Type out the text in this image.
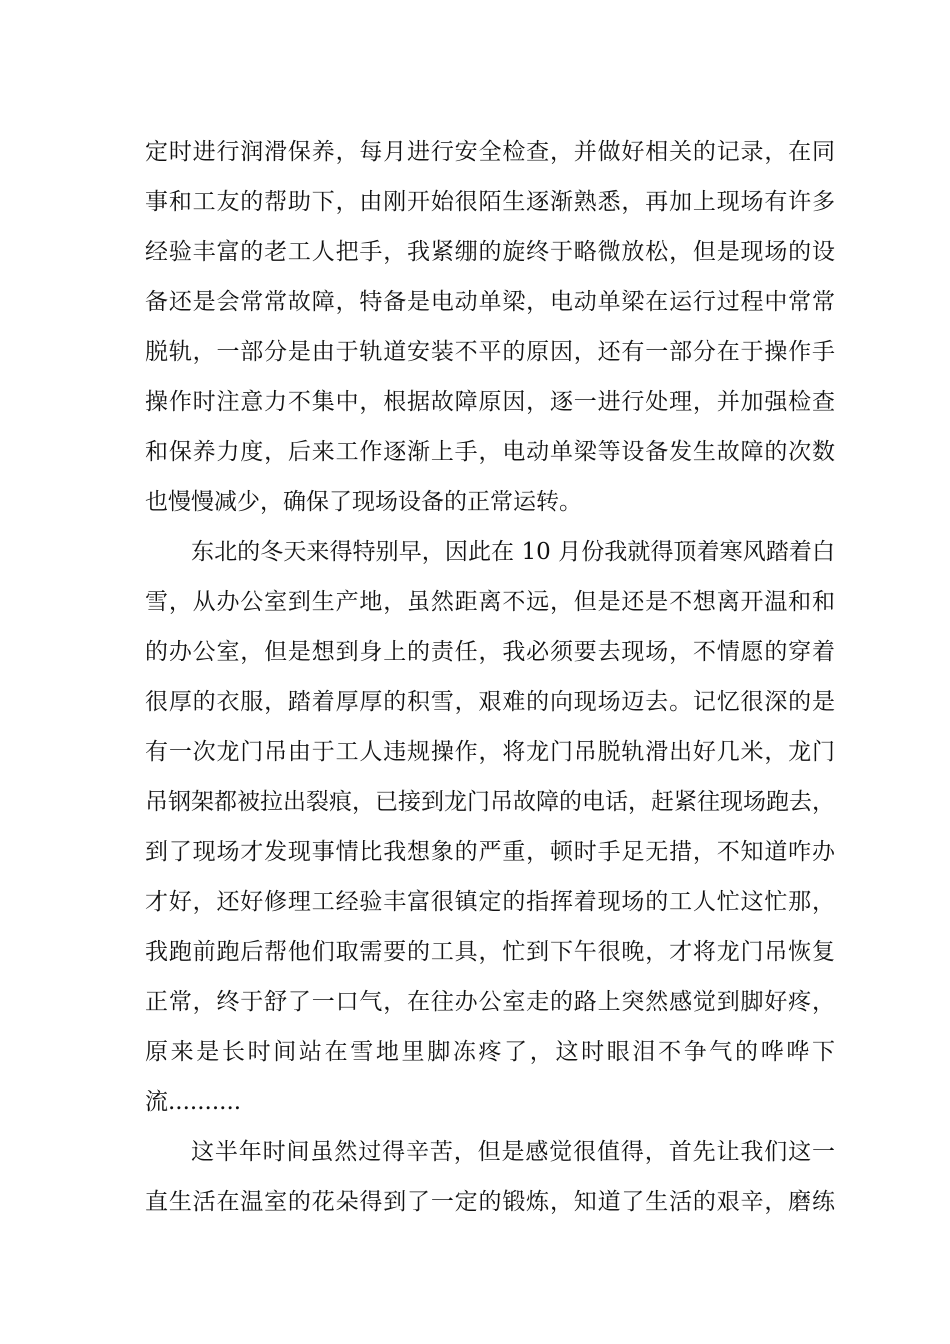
定时进行润滑保养，每月进行安全检查，并做好相关的记录，在同
事和工友的帮助下，由刚开始很陌生逐渐熟悉，再加上现场有许多
经验丰富的老工人把手，我紧绷的旋终于略微放松，但是现场的设
备还是会常常故障，特备是电动单梁，电动单梁在运行过程中常常
脱轨，一部分是由于轨道安装不平的原因，还有一部分在于操作手
操作时注意力不集中，根据故障原因，逐一进行处理，并加强检查
和保养力度，后来工作逐渐上手，电动单梁等设备发生故障的次数
也慢慢减少，确保了现场设备的正常运转。
东北的冬天来得特别早，因此在 10 月份我就得顶着寒风踏着白
雪，从办公室到生产地，虽然距离不远，但是还是不想离开温和和
的办公室，但是想到身上的责任，我必须要去现场，不情愿的穿着
很厚的衣服，踏着厚厚的积雪，艰难的向现场迈去。记忆很深的是
有一次龙门吊由于工人违规操作，将龙门吊脱轨滑出好几米，龙门
吊钢架都被拉出裂痕，已接到龙门吊故障的电话，赶紧往现场跑去，
到了现场才发现事情比我想象的严重，顿时手足无措，不知道咋办
才好，还好修理工经验丰富很镇定的指挥着现场的工人忙这忙那，
我跑前跑后帮他们取需要的工具，忙到下午很晚，才将龙门吊恢复
正常，终于舒了一口气，在往办公室走的路上突然感觉到脚好疼，
原来是长时间站在雪地里脚冻疼了，这时眼泪不争气的哗哗下
流..........
这半年时间虽然过得辛苦，但是感觉很值得，首先让我们这一
直生活在温室的花朵得到了一定的锻炼，知道了生活的艰辛，磨练
